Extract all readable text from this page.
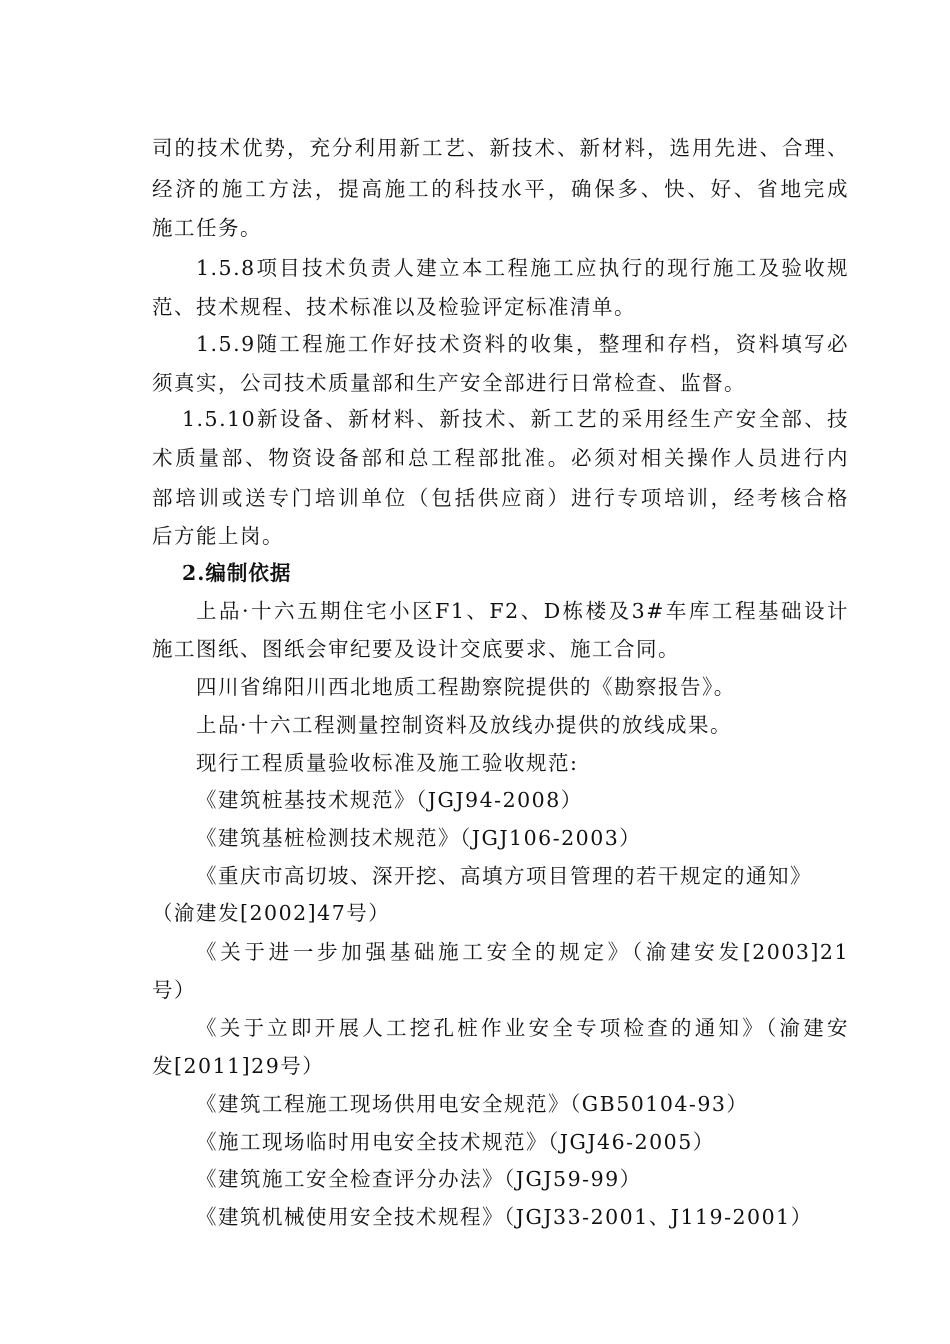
司的技术优势，充分利用新工艺、新技术、新材料，选用先进、合理、
经济的施工方法，提高施工的科技水平，确保多、快、好、省地完成
施工任务。
1.5.8项目技术负责人建立本工程施工应执行的现行施工及验收规
范、技术规程、技术标准以及检验评定标准清单。
1.5.9随工程施工作好技术资料的收集，整理和存档，资料填写必
须真实，公司技术质量部和生产安全部进行日常检查、监督。
1.5.10新设备、新材料、新技术、新工艺的采用经生产安全部、技
术质量部、物资设备部和总工程部批准。必须对相关操作人员进行内
部培训或送专门培训单位（包括供应商）进行专项培训，经考核合格
后方能上岗。
2.编制依据
上品·十六五期住宅小区F1、F2、D栋楼及3#车库工程基础设计
施工图纸、图纸会审纪要及设计交底要求、施工合同。
四川省绵阳川西北地质工程勘察院提供的《勘察报告》。
上品·十六工程测量控制资料及放线办提供的放线成果。
现行工程质量验收标准及施工验收规范:
《建筑桩基技术规范》（JGJ94-2008）
《建筑基桩检测技术规范》（JGJ106-2003）
《重庆市高切坡、深开挖、高填方项目管理的若干规定的通知》
（渝建发[2002]47号）
《关于进一步加强基础施工安全的规定》（渝建安发[2003]21
号）
《关于立即开展人工挖孔桩作业安全专项检查的通知》（渝建安
发[2011]29号）
《建筑工程施工现场供用电安全规范》（GB50104-93）
《施工现场临时用电安全技术规范》（JGJ46-2005）
《建筑施工安全检查评分办法》（JGJ59-99）
《建筑机械使用安全技术规程》（JGJ33-2001、J119-2001）
